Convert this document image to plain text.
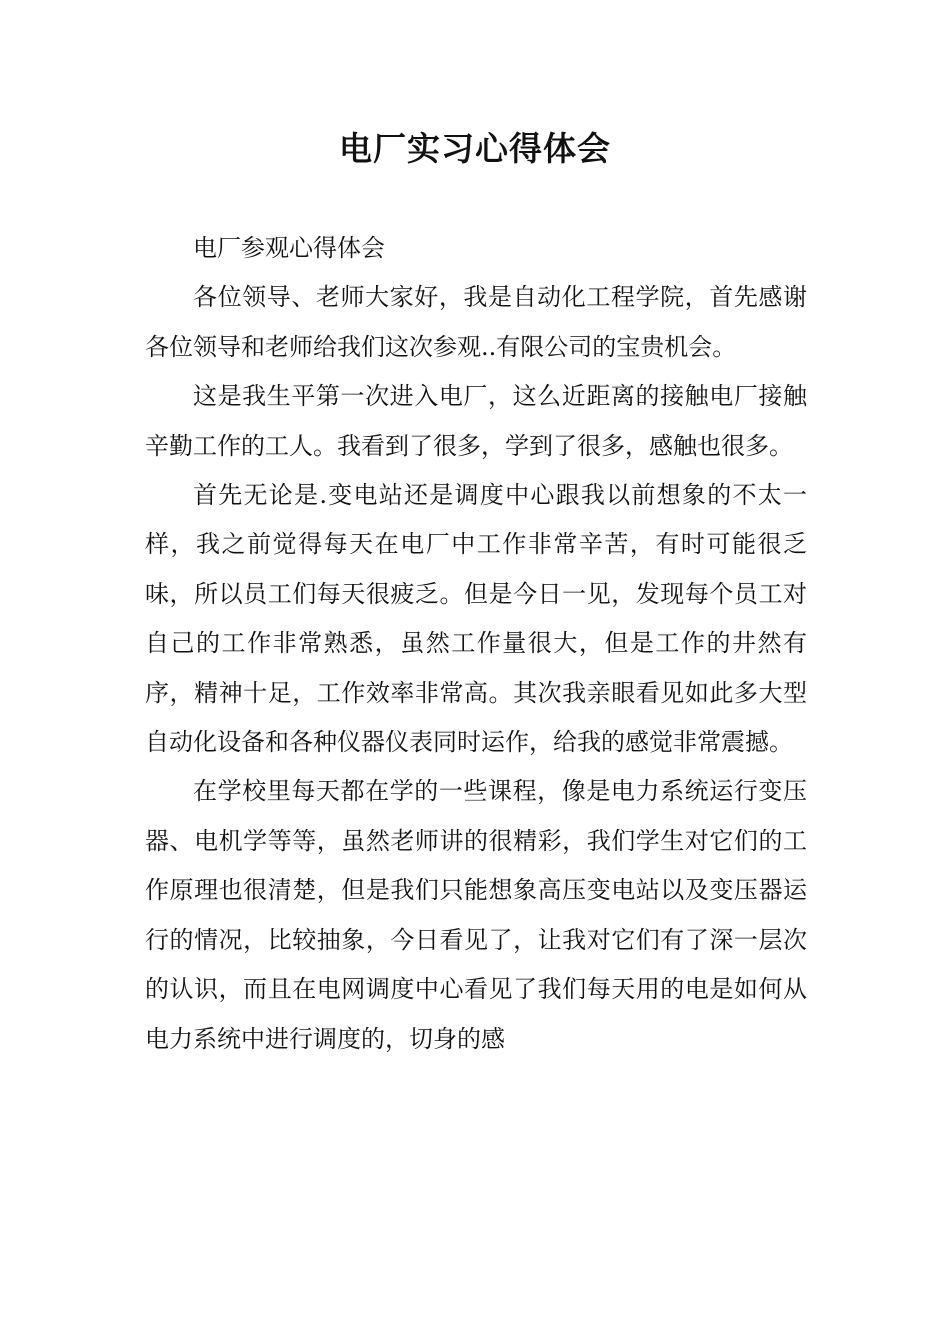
电厂实习心得体会

电厂参观心得体会

各位领导、老师大家好，我是自动化工程学院，首先感谢各位领导和老师给我们这次参观..有限公司的宝贵机会。

这是我生平第一次进入电厂，这么近距离的接触电厂接触辛勤工作的工人。我看到了很多，学到了很多，感触也很多。

首先无论是.变电站还是调度中心跟我以前想象的不太一样，我之前觉得每天在电厂中工作非常辛苦，有时可能很乏味，所以员工们每天很疲乏。但是今日一见，发现每个员工对自己的工作非常熟悉，虽然工作量很大，但是工作的井然有序，精神十足，工作效率非常高。其次我亲眼看见如此多大型自动化设备和各种仪器仪表同时运作，给我的感觉非常震撼。

在学校里每天都在学的一些课程，像是电力系统运行变压器、电机学等等，虽然老师讲的很精彩，我们学生对它们的工作原理也很清楚，但是我们只能想象高压变电站以及变压器运行的情况，比较抽象，今日看见了，让我对它们有了深一层次的认识，而且在电网调度中心看见了我们每天用的电是如何从电力系统中进行调度的，切身的感
